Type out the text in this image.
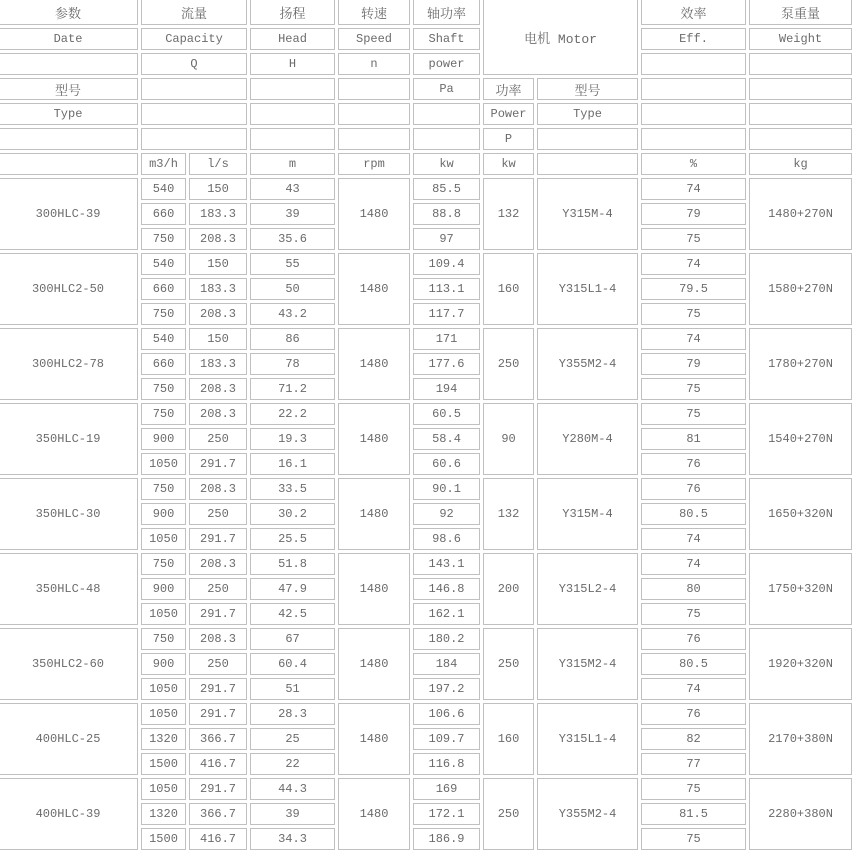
参数	流量		扬程	转速	轴功率	电机 Motor		效率	泵重量
Date	Capacity		Head	Speed	Shaft			Eff.	Weight
	Q		H	n	power				
型号					Pa	功率	型号		
Type						Power	Type		
						P			
	m3/h	l/s	m	rpm	kw	kw		%	kg
300HLC-39	540	150	43	1480	85.5	132	Y315M-4	74	1480+270N
	660	183.3	39		88.8			79	
	750	208.3	35.6		97			75	
300HLC2-50	540	150	55	1480	109.4	160	Y315L1-4	74	1580+270N
	660	183.3	50		113.1			79.5	
	750	208.3	43.2		117.7			75	
300HLC2-78	540	150	86	1480	171	250	Y355M2-4	74	1780+270N
	660	183.3	78		177.6			79	
	750	208.3	71.2		194			75	
350HLC-19	750	208.3	22.2	1480	60.5	90	Y280M-4	75	1540+270N
	900	250	19.3		58.4			81	
	1050	291.7	16.1		60.6			76	
350HLC-30	750	208.3	33.5	1480	90.1	132	Y315M-4	76	1650+320N
	900	250	30.2		92			80.5	
	1050	291.7	25.5		98.6			74	
350HLC-48	750	208.3	51.8	1480	143.1	200	Y315L2-4	74	1750+320N
	900	250	47.9		146.8			80	
	1050	291.7	42.5		162.1			75	
350HLC2-60	750	208.3	67	1480	180.2	250	Y315M2-4	76	1920+320N
	900	250	60.4		184			80.5	
	1050	291.7	51		197.2			74	
400HLC-25	1050	291.7	28.3	1480	106.6	160	Y315L1-4	76	2170+380N
	1320	366.7	25		109.7			82	
	1500	416.7	22		116.8			77	
400HLC-39	1050	291.7	44.3	1480	169	250	Y355M2-4	75	2280+380N
	1320	366.7	39		172.1			81.5	
	1500	416.7	34.3		186.9			75	
